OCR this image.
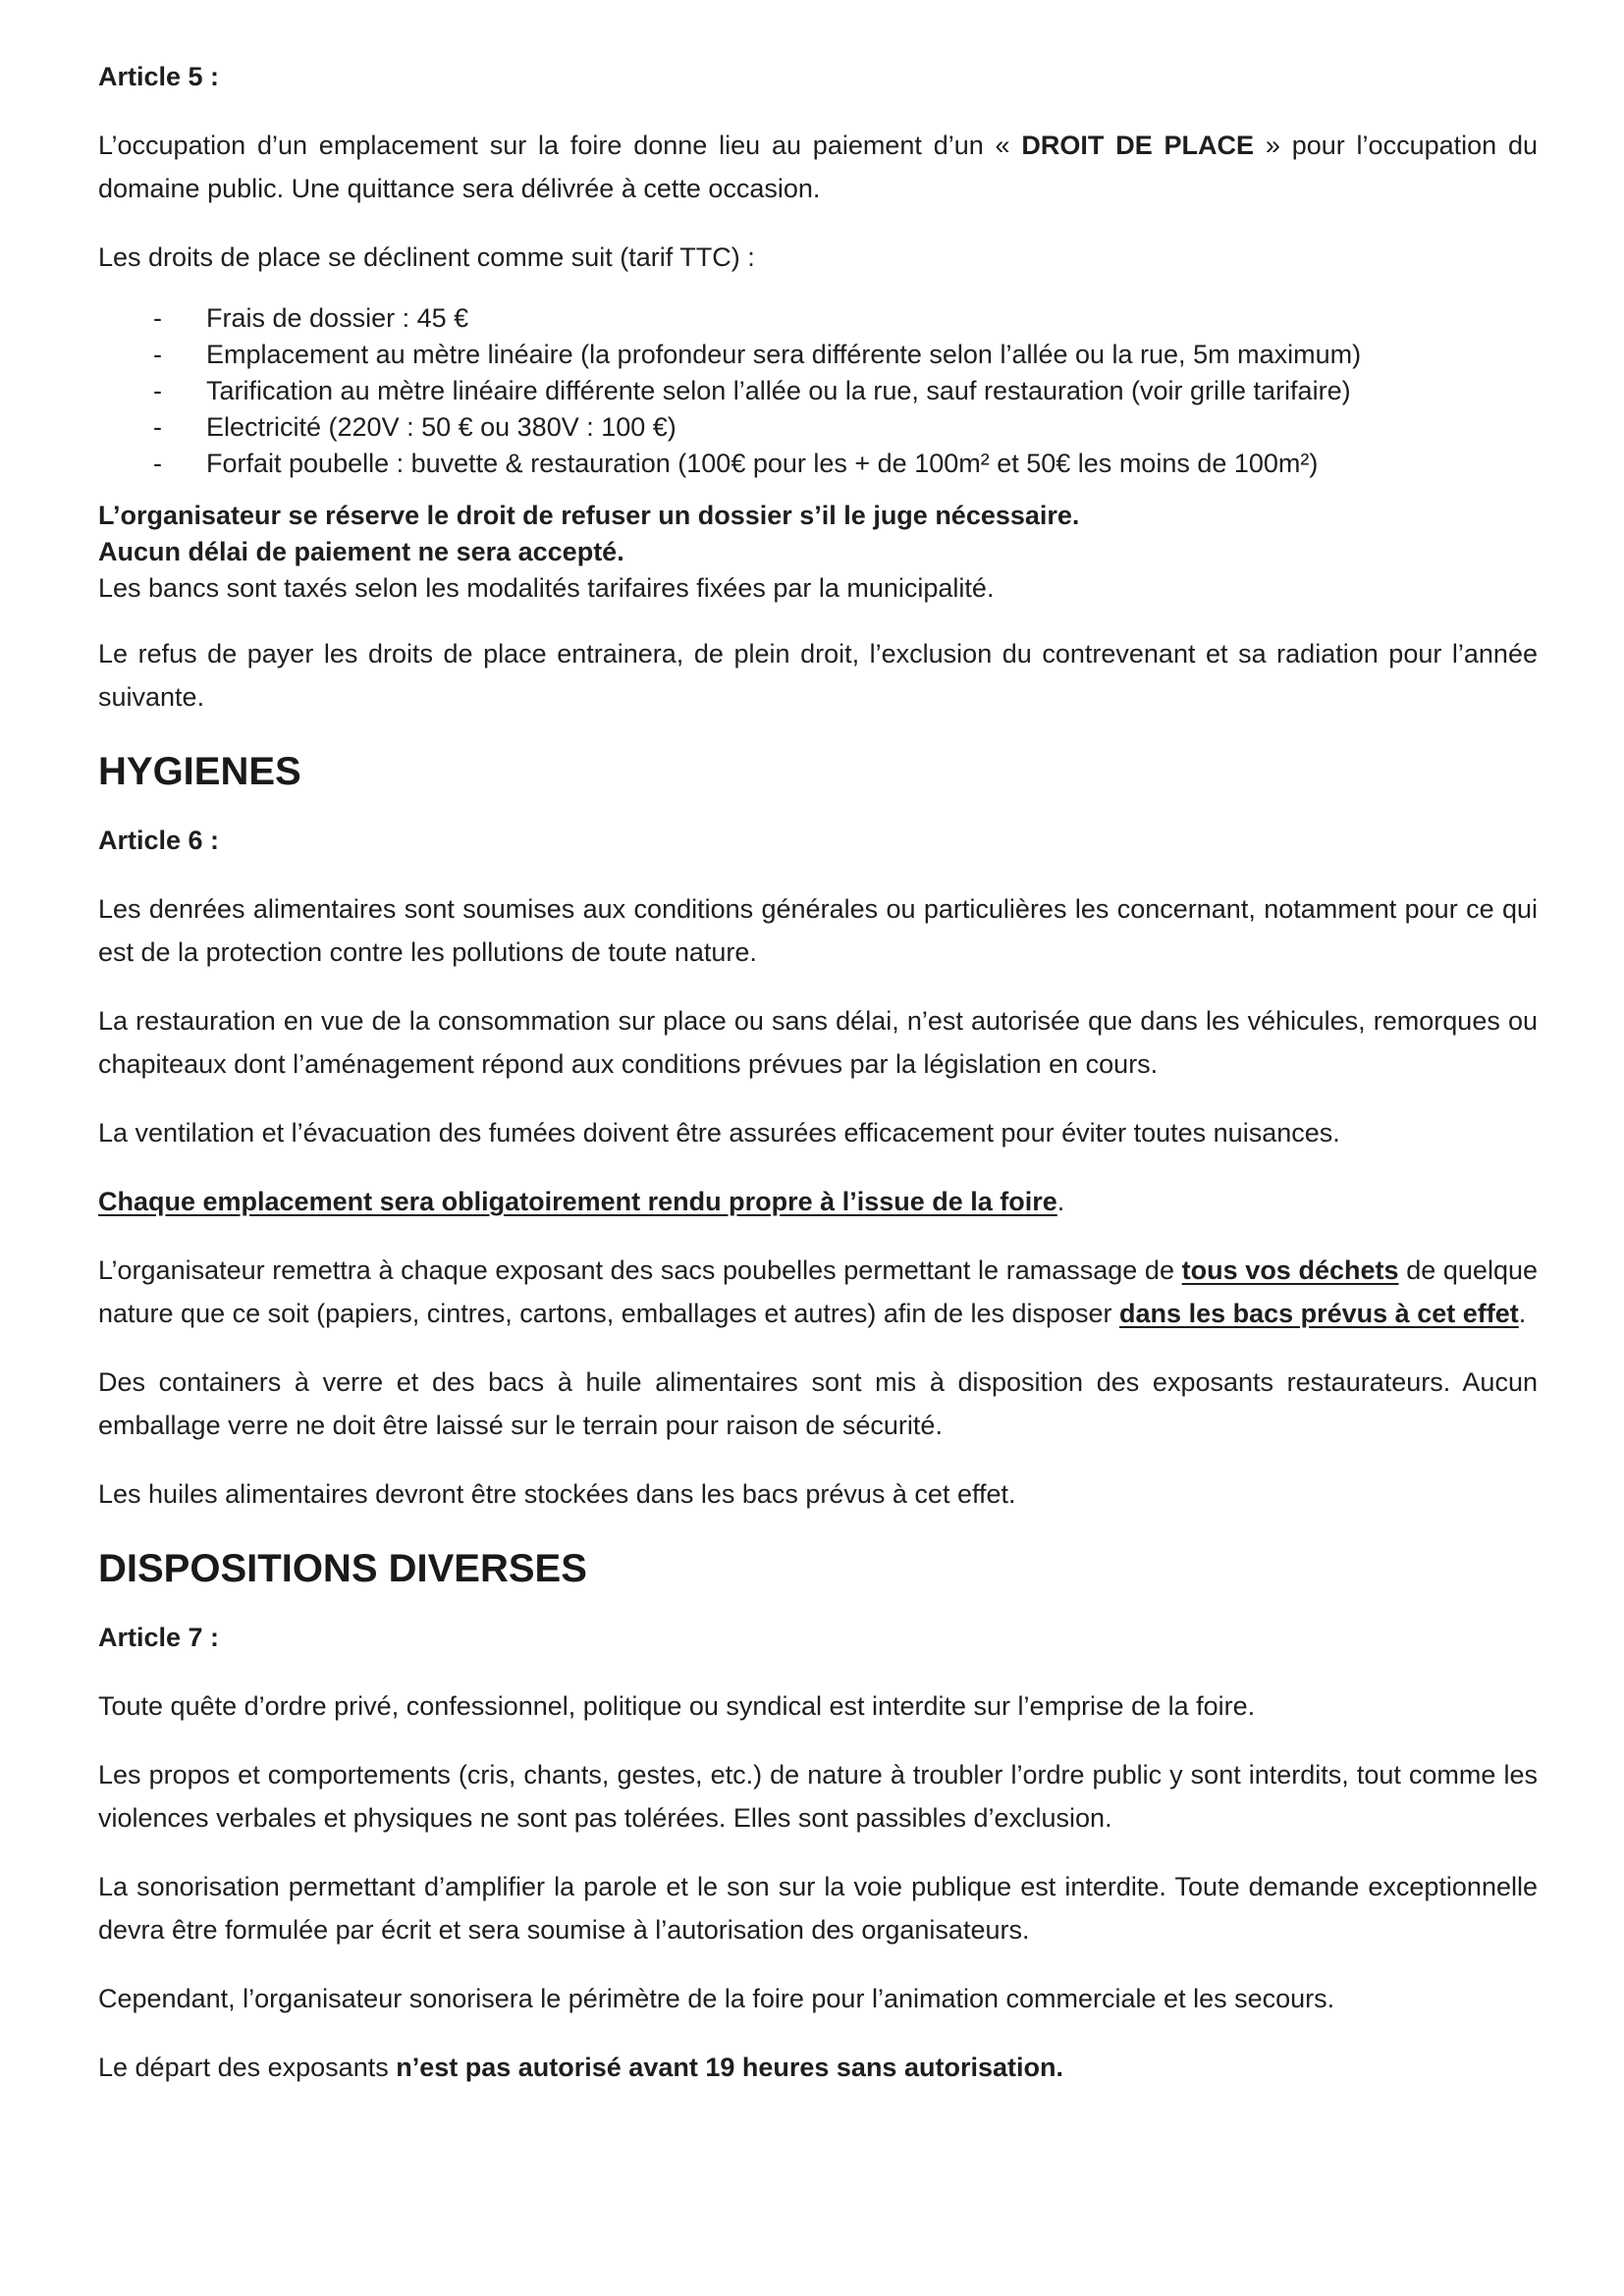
Article 5 :

L’occupation d’un emplacement sur la foire donne lieu au paiement d’un « DROIT DE PLACE » pour l’occupation du domaine public. Une quittance sera délivrée à cette occasion.

Les droits de place se déclinent comme suit (tarif TTC) :

- Frais de dossier : 45 €
- Emplacement au mètre linéaire (la profondeur sera différente selon l’allée ou la rue, 5m maximum)
- Tarification au mètre linéaire différente selon l’allée ou la rue, sauf restauration (voir grille tarifaire)
- Electricité (220V : 50 € ou 380V : 100 €)
- Forfait poubelle : buvette & restauration (100€ pour les + de 100m² et 50€ les moins de 100m²)

L’organisateur se réserve le droit de refuser un dossier s’il le juge nécessaire.

Aucun délai de paiement ne sera accepté.

Les bancs sont taxés selon les modalités tarifaires fixées par la municipalité.

Le refus de payer les droits de place entrainera, de plein droit, l’exclusion du contrevenant et sa radiation pour l’année suivante.

HYGIENES

Article 6 :

Les denrées alimentaires sont soumises aux conditions générales ou particulières les concernant, notamment pour ce qui est de la protection contre les pollutions de toute nature.

La restauration en vue de la consommation sur place ou sans délai, n’est autorisée que dans les véhicules, remorques ou chapiteaux dont l’aménagement répond aux conditions prévues par la législation en cours.

La ventilation et l’évacuation des fumées doivent être assurées efficacement pour éviter toutes nuisances.

Chaque emplacement sera obligatoirement rendu propre à l’issue de la foire.

L’organisateur remettra à chaque exposant des sacs poubelles permettant le ramassage de tous vos déchets de quelque nature que ce soit (papiers, cintres, cartons, emballages et autres) afin de les disposer dans les bacs prévus à cet effet.

Des containers à verre et des bacs à huile alimentaires sont mis à disposition des exposants restaurateurs. Aucun emballage verre ne doit être laissé sur le terrain pour raison de sécurité.

Les huiles alimentaires devront être stockées dans les bacs prévus à cet effet.

DISPOSITIONS DIVERSES

Article 7 :

Toute quête d’ordre privé, confessionnel, politique ou syndical est interdite sur l’emprise de la foire.

Les propos et comportements (cris, chants, gestes, etc.) de nature à troubler l’ordre public y sont interdits, tout comme les violences verbales et physiques ne sont pas tolérées. Elles sont passibles d’exclusion.

La sonorisation permettant d’amplifier la parole et le son sur la voie publique est interdite. Toute demande exceptionnelle devra être formulée par écrit et sera soumise à l’autorisation des organisateurs.

Cependant, l’organisateur sonorisera le périmètre de la foire pour l’animation commerciale et les secours.

Le départ des exposants n’est pas autorisé avant 19 heures sans autorisation.
